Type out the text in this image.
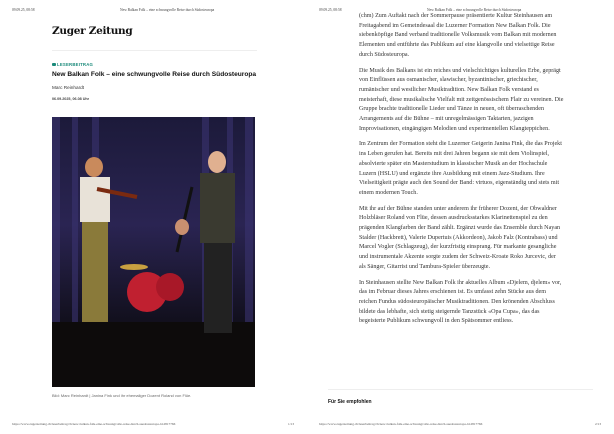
09.09.25, 08:58	New Balkan Folk – eine schwungvolle Reise durch Südosteuropa
Zuger Zeitung
LESERBEITRAG
New Balkan Folk – eine schwungvolle Reise durch Südosteuropa
Marc Reinhardt
06.09.2025, 06.08 Uhr
Bild: Marc Reinhardt | Janina Fink und ihr ehemaliger Dozent Roland von Flüe.
https://www.zugerzeitung.ch/leserbeitrag/ch/new-balkan-folk-eine-schwungvolle-reise-durch-suedosteuropa-ld.2817766	1/13
09.09.25, 08:58	New Balkan Folk – eine schwungvolle Reise durch Südosteuropa

(chm) Zum Auftakt nach der Sommerpause präsentierte Kultur Steinhausen am Freitagabend im Gemeindesaal die Luzerner Formation New Balkan Folk. Die siebenköpfige Band verband traditionelle Volksmusik vom Balkan mit modernen Elementen und entführte das Publikum auf eine klangvolle und vielseitige Reise durch Südosteuropa.

Die Musik des Balkans ist ein reiches und vielschichtiges kulturelles Erbe, geprägt von Einflüssen aus osmanischer, slawischer, byzantinischer, griechischer, rumänischer und westlicher Musiktradition. New Balkan Folk verstand es meisterhaft, diese musikalische Vielfalt mit zeitgenössischem Flair zu vereinen. Die Gruppe brachte traditionelle Lieder und Tänze in neuen, oft überraschenden Arrangements auf die Bühne – mit unregelmässigen Taktarten, jazzigen Improvisationen, eingängigen Melodien und experimentellen Klangteppichen.

Im Zentrum der Formation steht die Luzerner Geigerin Janina Fink, die das Projekt ins Leben gerufen hat. Bereits mit drei Jahren begann sie mit dem Violinspiel, absolvierte später ein Masterstudium in klassischer Musik an der Hochschule Luzern (HSLU) und ergänzte ihre Ausbildung mit einem Jazz-Studium. Ihre Vielseitigkeit prägte auch den Sound der Band: virtuos, eigenständig und stets mit einem modernen Touch.

Mit ihr auf der Bühne standen unter anderem ihr früherer Dozent, der Obwaldner Holzbläser Roland von Flüe, dessen ausdrucksstarkes Klarinettenspiel zu den prägenden Klangfarben der Band zählt. Ergänzt wurde das Ensemble durch Nayan Stalder (Hackbrett), Valerie Dupertuis (Akkordeon), Jakob Falz (Kontrabass) und Marcel Vogler (Schlagzeug), der kurzfristig einsprang. Für markante gesangliche und instrumentale Akzente sorgte zudem der Schweiz-Kroate Roko Jurcevic, der als Sänger, Gitarrist und Tambura-Spieler überzeugte.

In Steinhausen stellte New Balkan Folk ihr aktuelles Album «Djelem, djelem» vor, das im Februar dieses Jahres erschienen ist. Es umfasst zehn Stücke aus dem reichen Fundus südosteuropäischer Musiktraditionen. Den krönenden Abschluss bildete das lebhafte, sich stetig steigernde Tanzstück «Opa Cupa», das das begeisterte Publikum schwungvoll in den Spätsommer entliess.

Für Sie empfohlen
https://www.zugerzeitung.ch/leserbeitrag/ch/new-balkan-folk-eine-schwungvolle-reise-durch-suedosteuropa-ld.2817766	2/13
